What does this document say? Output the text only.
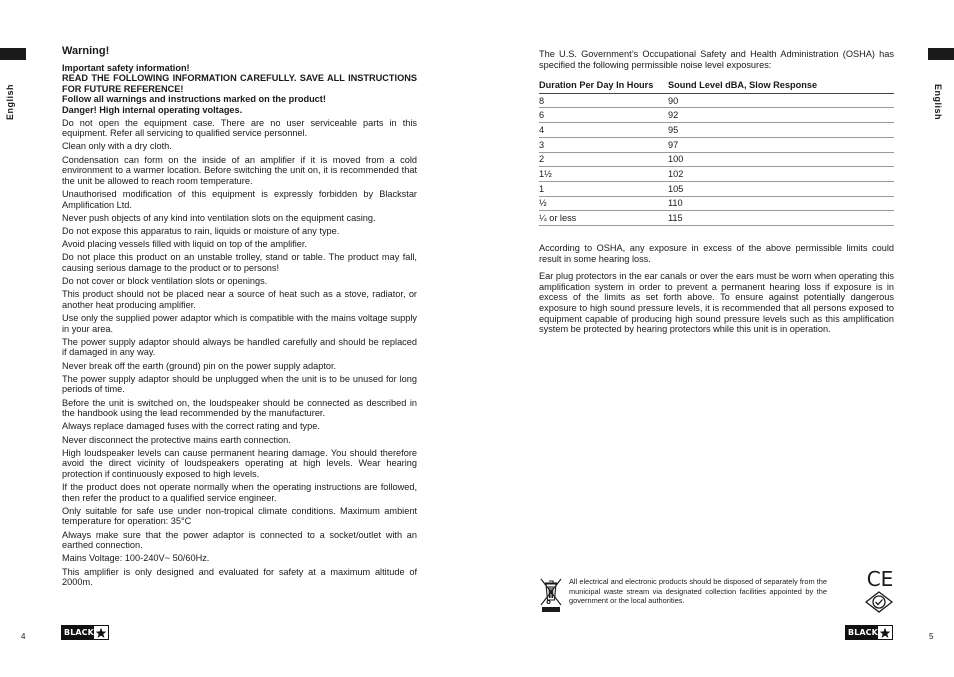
English	English
Warning!
Important safety information!
READ THE FOLLOWING INFORMATION CAREFULLY. SAVE ALL INSTRUCTIONS FOR FUTURE REFERENCE!
Follow all warnings and instructions marked on the product!
Danger! High internal operating voltages.

Do not open the equipment case. There are no user serviceable parts in this equipment. Refer all servicing to qualified service personnel.

Clean only with a dry cloth.

Condensation can form on the inside of an amplifier if it is moved from a cold environment to a warmer location. Before switching the unit on, it is recommended that the unit be allowed to reach room temperature.

Unauthorised modification of this equipment is expressly forbidden by Blackstar Amplification Ltd.

Never push objects of any kind into ventilation slots on the equipment casing.

Do not expose this apparatus to rain, liquids or moisture of any type.

Avoid placing vessels filled with liquid on top of the amplifier.

Do not place this product on an unstable trolley, stand or table. The product may fall, causing serious damage to the product or to persons!

Do not cover or block ventilation slots or openings.

This product should not be placed near a source of heat such as a stove, radiator, or another heat producing amplifier.

Use only the supplied power adaptor which is compatible with the mains voltage supply in your area.

The power supply adaptor should always be handled carefully and should be replaced if damaged in any way.

Never break off the earth (ground) pin on the power supply adaptor.

The power supply adaptor should be unplugged when the unit is to be unused for long periods of time.

Before the unit is switched on, the loudspeaker should be connected as described in the handbook using the lead recommended by the manufacturer.

Always replace damaged fuses with the correct rating and type.

Never disconnect the protective mains earth connection.

High loudspeaker levels can cause permanent hearing damage. You should therefore avoid the direct vicinity of loudspeakers operating at high levels. Wear hearing protection if continuously exposed to high levels.

If the product does not operate normally when the operating instructions are followed, then refer the product to a qualified service engineer.

Only suitable for safe use under non-tropical climate conditions. Maximum ambient temperature for operation: 35°C

Always make sure that the power adaptor is connected to a socket/outlet with an earthed connection.

Mains Voltage: 100-240V~ 50/60Hz.

This amplifier is only designed and evaluated for safety at a maximum altitude of 2000m.

The U.S. Government’s Occupational Safety and Health Administration (OSHA) has specified the following permissible noise level exposures:

Duration Per Day In Hours	Sound Level dBA, Slow Response
8	90
6	92
4	95
3	97
2	100
1½	102
1	105
½	110
¼ or less	115

According to OSHA, any exposure in excess of the above permissible limits could result in some hearing loss.

Ear plug protectors in the ear canals or over the ears must be worn when operating this amplification system in order to prevent a permanent hearing loss if exposure is in excess of the limits as set forth above. To ensure against potentially dangerous exposure to high sound pressure levels, it is recommended that all persons exposed to equipment capable of producing high sound pressure levels such as this amplification system be protected by hearing protectors while this unit is in operation.

All electrical and electronic products should be disposed of separately from the municipal waste stream via designated collection facilities appointed by the government or the local authorities.
CE
4	5
BLACK	BLACK
